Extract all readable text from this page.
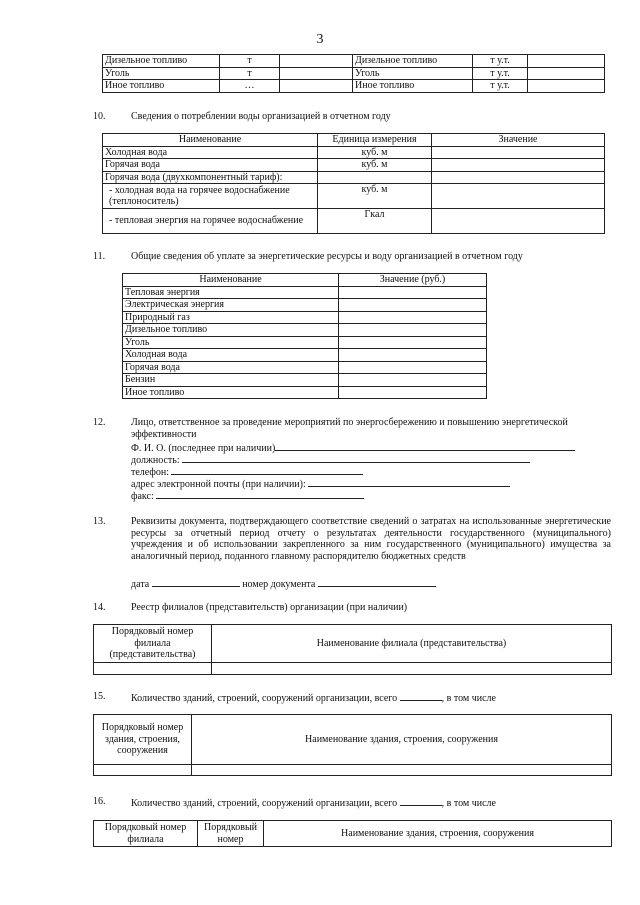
3
Дизельное топливо	т		Дизельное топливо	т у.т.	
Уголь	т		Уголь	т у.т.	
Иное топливо	…		Иное топливо	т у.т.	
10.	Сведения о потреблении воды организацией в отчетном году
Наименование	Единица измерения	Значение
Холодная вода	куб. м	
Горячая вода	куб. м	
Горячая вода (двухкомпонентный тариф):		
- холодная вода на горячее водоснабжение (теплоноситель)	куб. м	
- тепловая энергия на горячее водоснабжение	Гкал	
11.	Общие сведения об уплате за энергетические ресурсы и воду организацией в отчетном году
Наименование	Значение (руб.)
Тепловая энергия	
Электрическая энергия	
Природный газ	
Дизельное топливо	
Уголь	
Холодная вода	
Горячая вода	
Бензин	
Иное топливо	
12.	Лицо, ответственное за проведение мероприятий по энергосбережению и повышению энергетической
эффективности
Ф. И. О. (последнее при наличии)
должность:
телефон:
адрес электронной почты (при наличии):
факс:
13.	Реквизиты документа, подтверждающего соответствие сведений о затратах на использованные энергетические ресурсы за отчетный период отчету о результатах деятельности государственного (муниципального) учреждения и об использовании закрепленного за ним государственного (муниципального) имущества за аналогичный период, поданного главному распорядителю бюджетных средств
дата	номер документа
14.	Реестр филиалов (представительств) организации (при наличии)
Порядковый номер филиала (представительства)	Наименование филиала (представительства)

15.	Количество зданий, строений, сооружений организации, всего	, в том числе
Порядковый номер здания, строения, сооружения	Наименование здания, строения, сооружения

16.	Количество зданий, строений, сооружений организации, всего	, в том числе
Порядковый номер филиала	Порядковый номер	Наименование здания, строения, сооружения
